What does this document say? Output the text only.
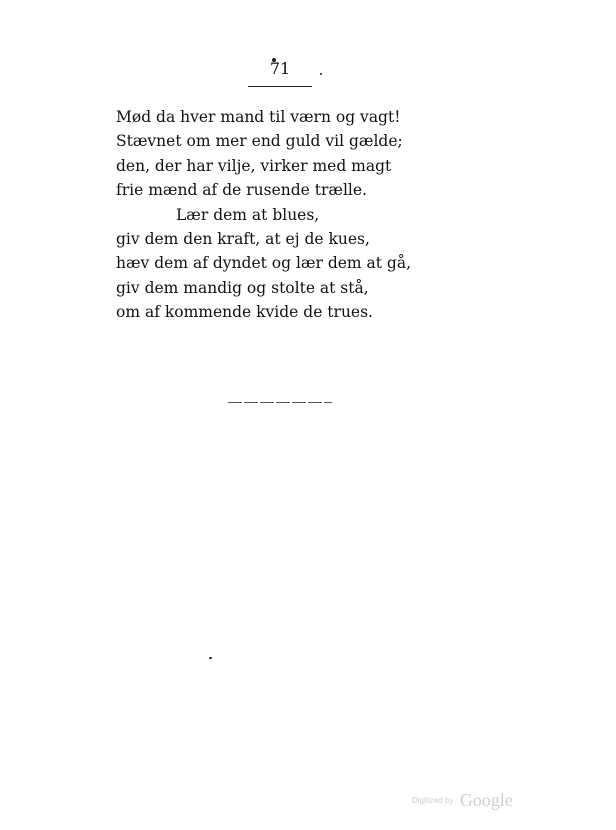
71
Mød da hver mand til værn og vagt!
Stævnet om mer end guld vil gælde;
den, der har vilje, virker med magt
frie mænd af de rusende trælle.
Lær dem at blues,
giv dem den kraft, at ej de kues,
hæv dem af dyndet og lær dem at gå,
giv dem mandig og stolte at stå,
om af kommende kvide de trues.
Digitized by Google
